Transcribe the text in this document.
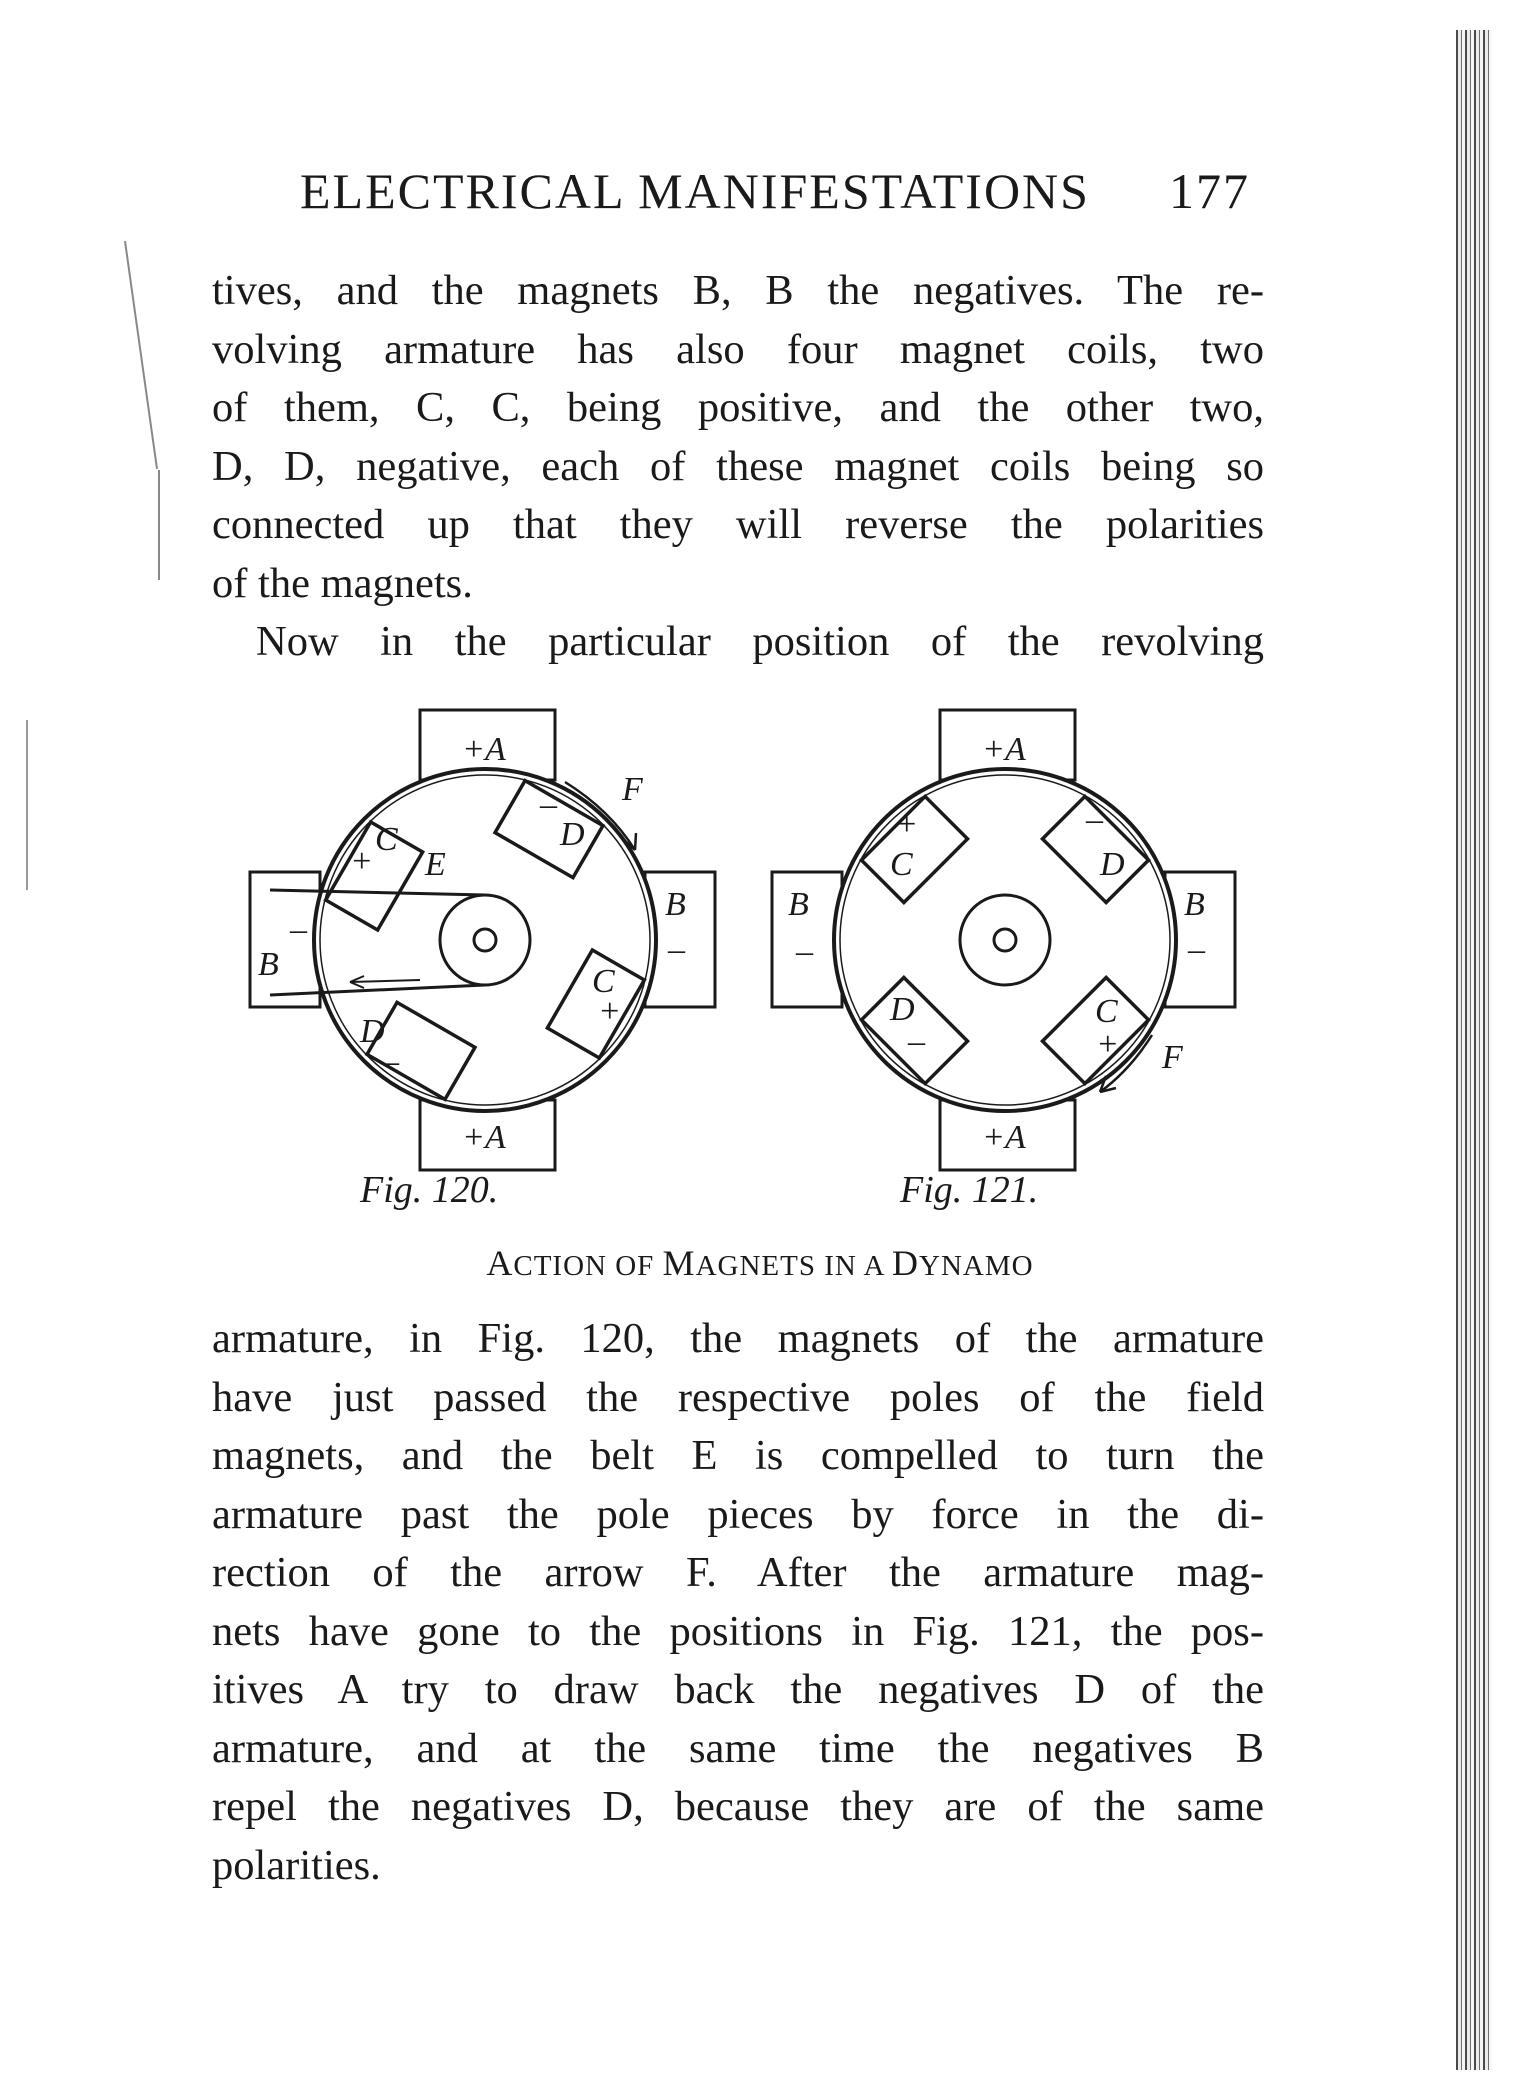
ELECTRICAL MANIFESTATIONS 177
tives, and the magnets B, B the negatives. The re-
volving armature has also four magnet coils, two
of them, C, C, being positive, and the other two,
D, D, negative, each of these magnet coils being so
connected up that they will reverse the polarities
of the magnets.
Now in the particular position of the revolving
+A
+A
B
–
B
–
C
+
D
–
C
+
D
–
E
F
+A
+A
B
–
B
–
C
+
D
–
C
+
D
–	F
Fig. 120.	Fig. 121.
ACTION OF MAGNETS IN A DYNAMO
armature, in Fig. 120, the magnets of the armature
have just passed the respective poles of the field
magnets, and the belt E is compelled to turn the
armature past the pole pieces by force in the di-
rection of the arrow F. After the armature mag-
nets have gone to the positions in Fig. 121, the pos-
itives A try to draw back the negatives D of the
armature, and at the same time the negatives B
repel the negatives D, because they are of the same
polarities.
